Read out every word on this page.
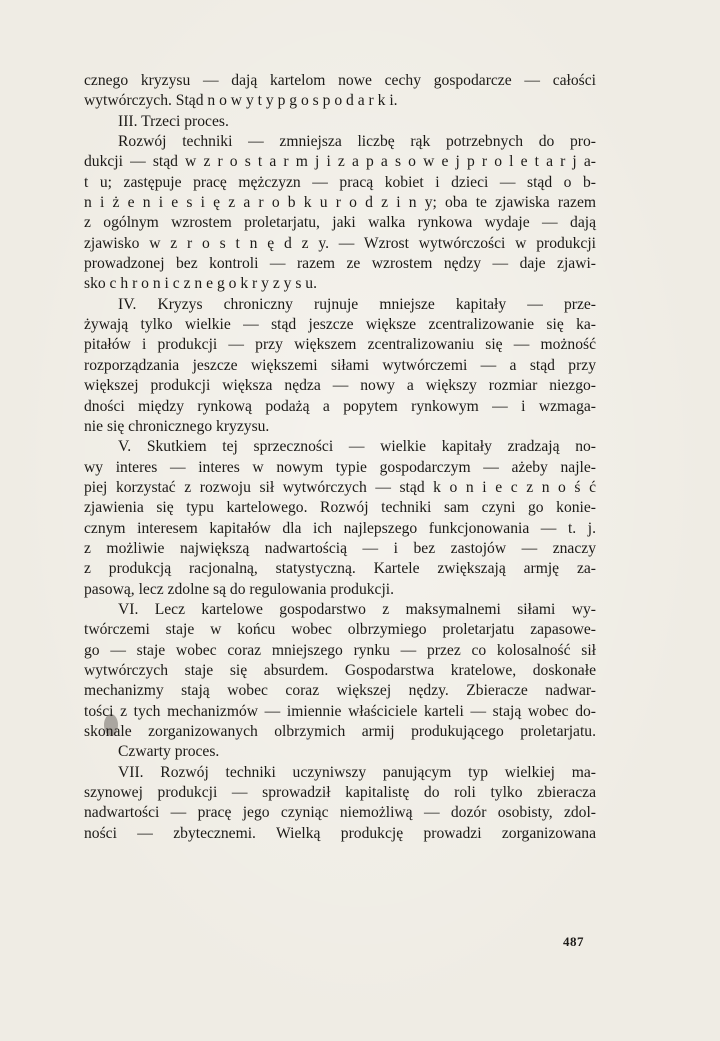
cznego kryzysu — dają kartelom nowe cechy gospodarcze — całości
wytwórczych. Stąd n o w y t y p g o s p o d a r k i.
III. Trzeci proces.
Rozwój techniki — zmniejsza liczbę rąk potrzebnych do pro-
dukcji — stąd w z r o s t a r m j i z a p a s o w e j p r o l e t a r j a-
t u; zastępuje pracę mężczyzn — pracą kobiet i dzieci — stąd o b-
n i ż e n i e s i ę z a r o b k u r o d z i n y; oba te zjawiska razem
z ogólnym wzrostem proletarjatu, jaki walka rynkowa wydaje — dają
zjawisko w z r o s t n ę d z y. — Wzrost wytwórczości w produkcji
prowadzonej bez kontroli — razem ze wzrostem nędzy — daje zjawi-
sko c h r o n i c z n e g o k r y z y s u.
IV. Kryzys chroniczny rujnuje mniejsze kapitały — prze-
żywają tylko wielkie — stąd jeszcze większe zcentralizowanie się ka-
pitałów i produkcji — przy większem zcentralizowaniu się — możność
rozporządzania jeszcze większemi siłami wytwórczemi — a stąd przy
większej produkcji większa nędza — nowy a większy rozmiar niezgo-
dności między rynkową podażą a popytem rynkowym — i wzmaga-
nie się chronicznego kryzysu.
V. Skutkiem tej sprzeczności — wielkie kapitały zradzają no-
wy interes — interes w nowym typie gospodarczym — ażeby najle-
piej korzystać z rozwoju sił wytwórczych — stąd k o n i e c z n o ś ć
zjawienia się typu kartelowego. Rozwój techniki sam czyni go konie-
cznym interesem kapitałów dla ich najlepszego funkcjonowania — t. j.
z możliwie największą nadwartością — i bez zastojów — znaczy
z produkcją racjonalną, statystyczną. Kartele zwiększają armję za-
pasową, lecz zdolne są do regulowania produkcji.
VI. Lecz kartelowe gospodarstwo z maksymalnemi siłami wy-
twórczemi staje w końcu wobec olbrzymiego proletarjatu zapasowe-
go — staje wobec coraz mniejszego rynku — przez co kolosalność sił
wytwórczych staje się absurdem. Gospodarstwa kratelowe, doskonałe
mechanizmy stają wobec coraz większej nędzy. Zbieracze nadwar-
tości z tych mechanizmów — imiennie właściciele karteli — stają wobec do-
skonale zorganizowanych olbrzymich armij produkującego proletarjatu.
Czwarty proces.
VII. Rozwój techniki uczyniwszy panującym typ wielkiej ma-
szynowej produkcji — sprowadził kapitalistę do roli tylko zbieracza
nadwartości — pracę jego czyniąc niemożliwą — dozór osobisty, zdol-
ności — zbytecznemi. Wielką produkcję prowadzi zorganizowana
487
